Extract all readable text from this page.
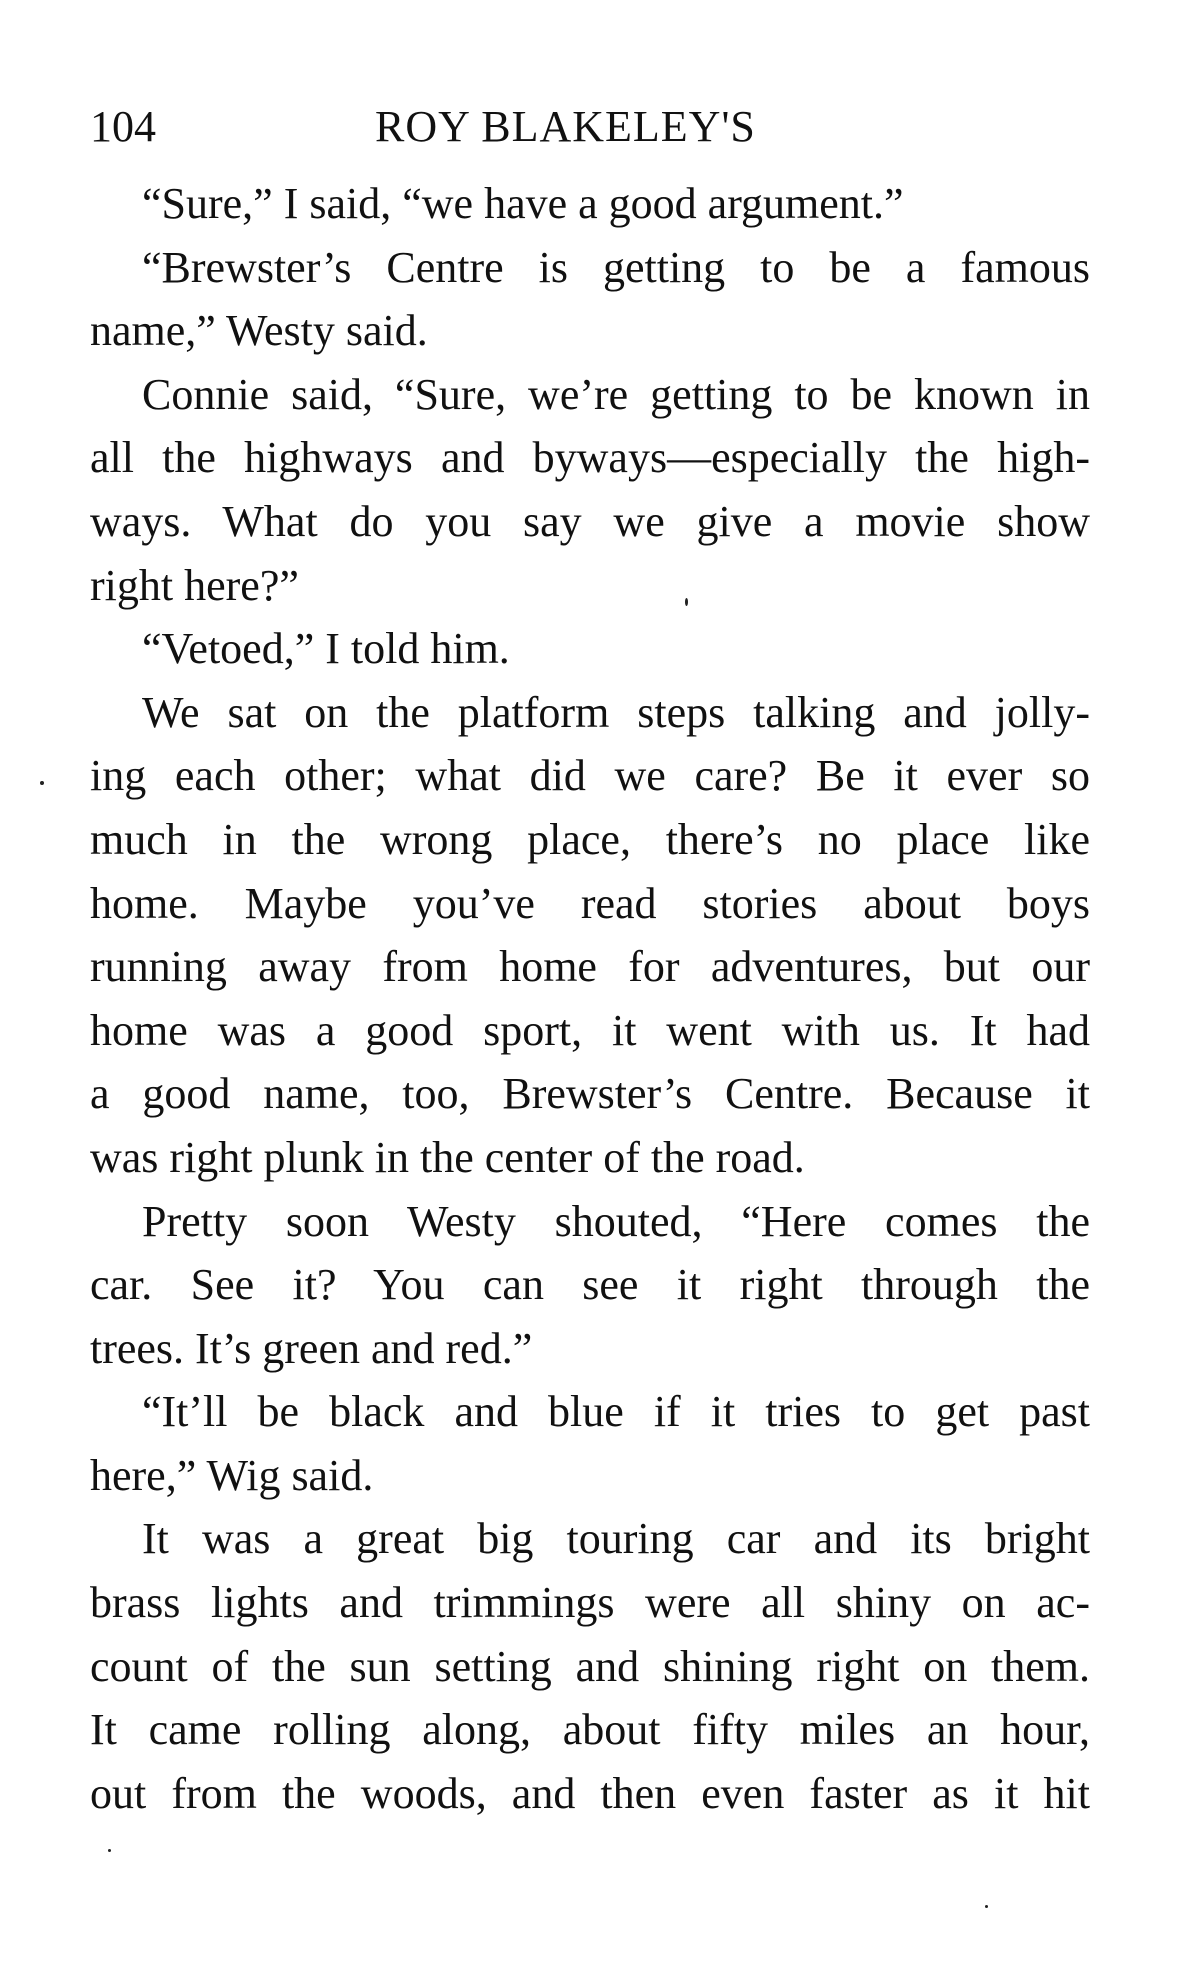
104	ROY BLAKELEY'S
“Sure,” I said, “we have a good argument.”
“Brewster’s Centre is getting to be a famous
name,” Westy said.
Connie said, “Sure, we’re getting to be known in
all the highways and byways—especially the high-
ways. What do you say we give a movie show
right here?”
“Vetoed,” I told him.
We sat on the platform steps talking and jolly-
ing each other; what did we care? Be it ever so
much in the wrong place, there’s no place like
home. Maybe you’ve read stories about boys
running away from home for adventures, but our
home was a good sport, it went with us. It had
a good name, too, Brewster’s Centre. Because it
was right plunk in the center of the road.
Pretty soon Westy shouted, “Here comes the
car. See it? You can see it right through the
trees. It’s green and red.”
“It’ll be black and blue if it tries to get past
here,” Wig said.
It was a great big touring car and its bright
brass lights and trimmings were all shiny on ac-
count of the sun setting and shining right on them.
It came rolling along, about fifty miles an hour,
out from the woods, and then even faster as it hit
